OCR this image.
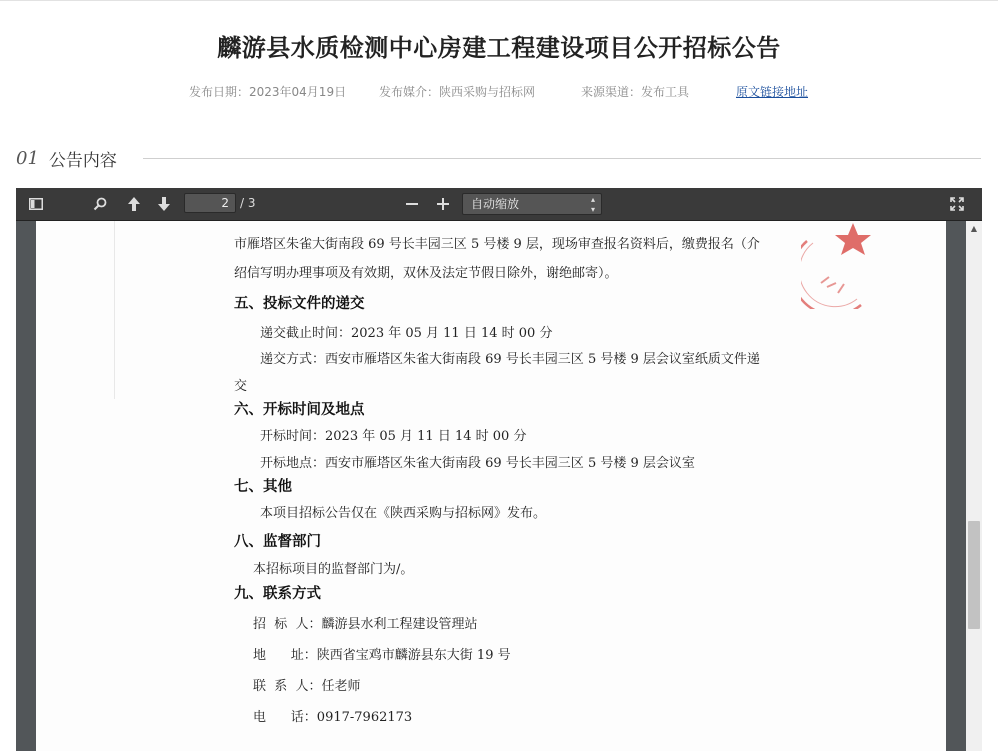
麟游县水质检测中心房建工程建设项目公开招标公告
发布日期：2023年04月19日	发布媒介：陕西采购与招标网	来源渠道：发布工具	原文链接地址
01 公告内容
2 / 3	自动缩放	▴
▾
市雁塔区朱雀大街南段 69 号长丰园三区 5 号楼 9 层，现场审查报名资料后，缴费报名（介
绍信写明办理事项及有效期，双休及法定节假日除外，谢绝邮寄）。
五、投标文件的递交
递交截止时间：2023 年 05 月 11 日 14 时 00 分
递交方式：西安市雁塔区朱雀大街南段 69 号长丰园三区 5 号楼 9 层会议室纸质文件递
交
六、开标时间及地点
开标时间：2023 年 05 月 11 日 14 时 00 分
开标地点：西安市雁塔区朱雀大街南段 69 号长丰园三区 5 号楼 9 层会议室
七、其他
本项目招标公告仅在《陕西采购与招标网》发布。
八、监督部门
本招标项目的监督部门为/。
九、联系方式
招  标  人：麟游县水利工程建设管理站
地      址：陕西省宝鸡市麟游县东大街 19 号
联  系  人：任老师
电      话：0917-7962173
▲
